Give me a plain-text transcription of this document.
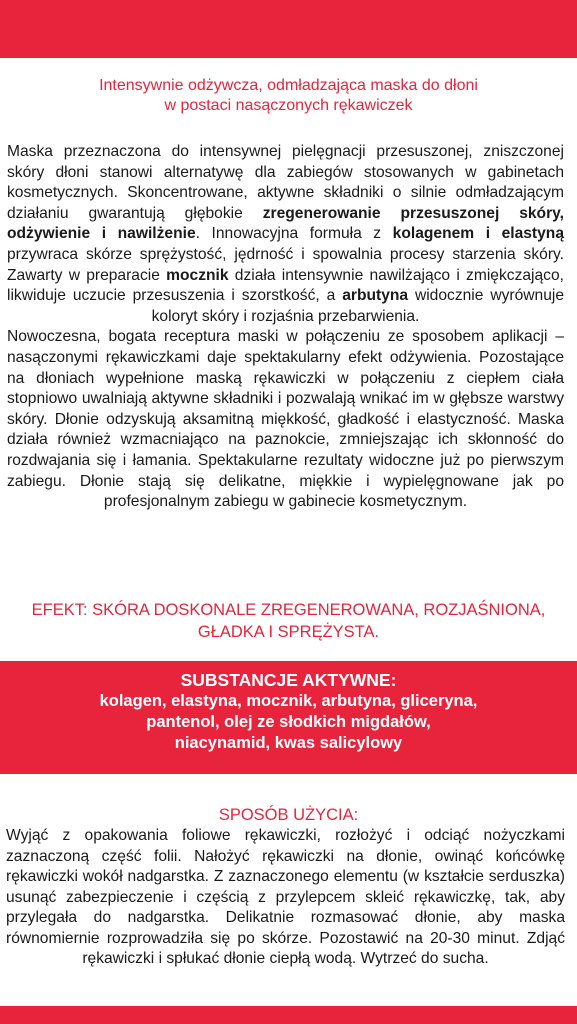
Intensywnie odżywcza, odmładzająca maska do dłoni
w postaci nasączonych rękawiczek

Maska przeznaczona do intensywnej pielęgnacji przesuszonej, zniszczonej skóry dłoni stanowi alternatywę dla zabiegów stosowanych w gabinetach kosmetycznych. Skoncentrowane, aktywne składniki o silnie odmładzającym działaniu gwarantują głębokie zregenerowanie przesuszonej skóry, odżywienie i nawilżenie. Innowacyjna formuła z kolagenem i elastyną przywraca skórze sprężystość, jędrność i spowalnia procesy starzenia skóry. Zawarty w preparacie mocznik działa intensywnie nawilżająco i zmiękczająco, likwiduje uczucie przesuszenia i szorstkość, a arbutyna widocznie wyrównuje koloryt skóry i rozjaśnia przebarwienia.

Nowoczesna, bogata receptura maski w połączeniu ze sposobem aplikacji – nasączonymi rękawiczkami daje spektakularny efekt odżywienia. Pozostające na dłoniach wypełnione maską rękawiczki w połączeniu z ciepłem ciała stopniowo uwalniają aktywne składniki i pozwalają wnikać im w głębsze warstwy skóry. Dłonie odzyskują aksamitną miękkość, gładkość i elastyczność. Maska działa również wzmacniająco na paznokcie, zmniejszając ich skłonność do rozdwajania się i łamania. Spektakularne rezultaty widoczne już po pierwszym zabiegu. Dłonie stają się delikatne, miękkie i wypielęgnowane jak po profesjonalnym zabiegu w gabinecie kosmetycznym.

EFEKT: SKÓRA DOSKONALE ZREGENEROWANA, ROZJAŚNIONA,
GŁADKA I SPRĘŻYSTA.
SUBSTANCJE AKTYWNE:
kolagen, elastyna, mocznik, arbutyna, gliceryna,
pantenol, olej ze słodkich migdałów,
niacynamid, kwas salicylowy
SPOSÓB UŻYCIA:

Wyjąć z opakowania foliowe rękawiczki, rozłożyć i odciąć nożyczkami zaznaczoną część folii. Nałożyć rękawiczki na dłonie, owinąć końcówkę rękawiczki wokół nadgarstka. Z zaznaczonego elementu (w kształcie serduszka) usunąć zabezpieczenie i częścią z przylepcem skleić rękawiczkę, tak, aby przylegała do nadgarstka. Delikatnie rozmasować dłonie, aby maska równomiernie rozprowadziła się po skórze. Pozostawić na 20-30 minut. Zdjąć rękawiczki i spłukać dłonie ciepłą wodą. Wytrzeć do sucha.
